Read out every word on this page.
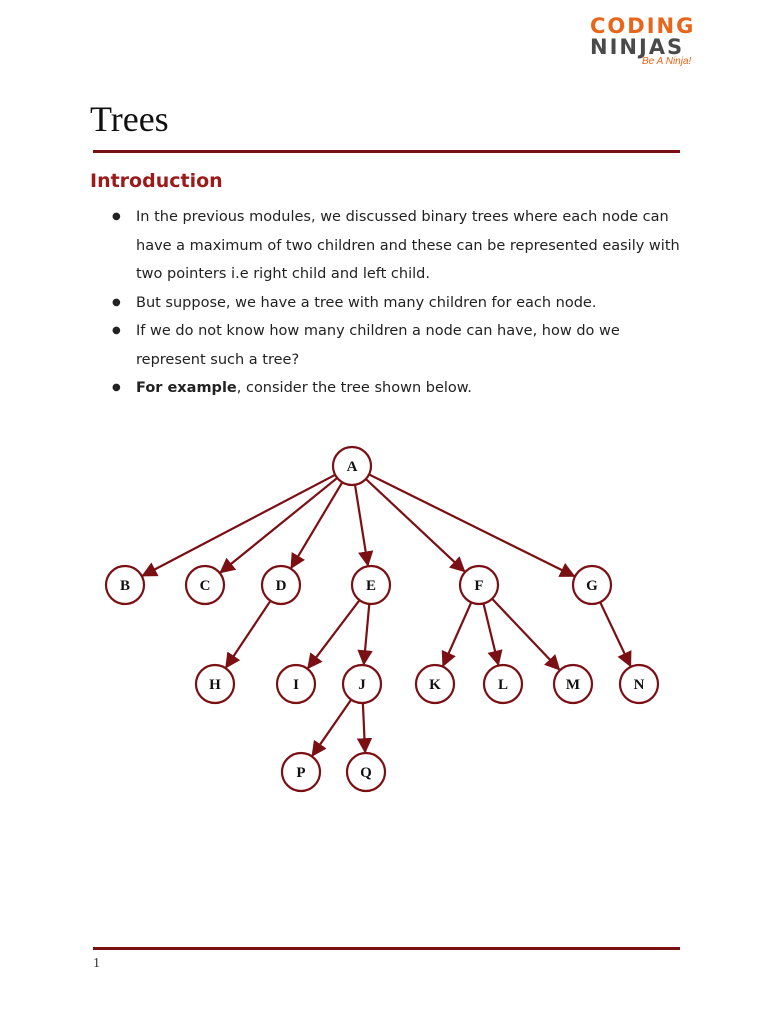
CODING
NINJAS
Be A Ninja!
Trees
Introduction
● In the previous modules, we discussed binary trees where each node can have a maximum of two children and these can be represented easily with two pointers i.e right child and left child.
● But suppose, we have a tree with many children for each node.
● If we do not know how many children a node can have, how do we represent such a tree?
● For example, consider the tree shown below.
A
B	C	D	E	F	G
H	I	J	K	L	M	N
P	Q
1
